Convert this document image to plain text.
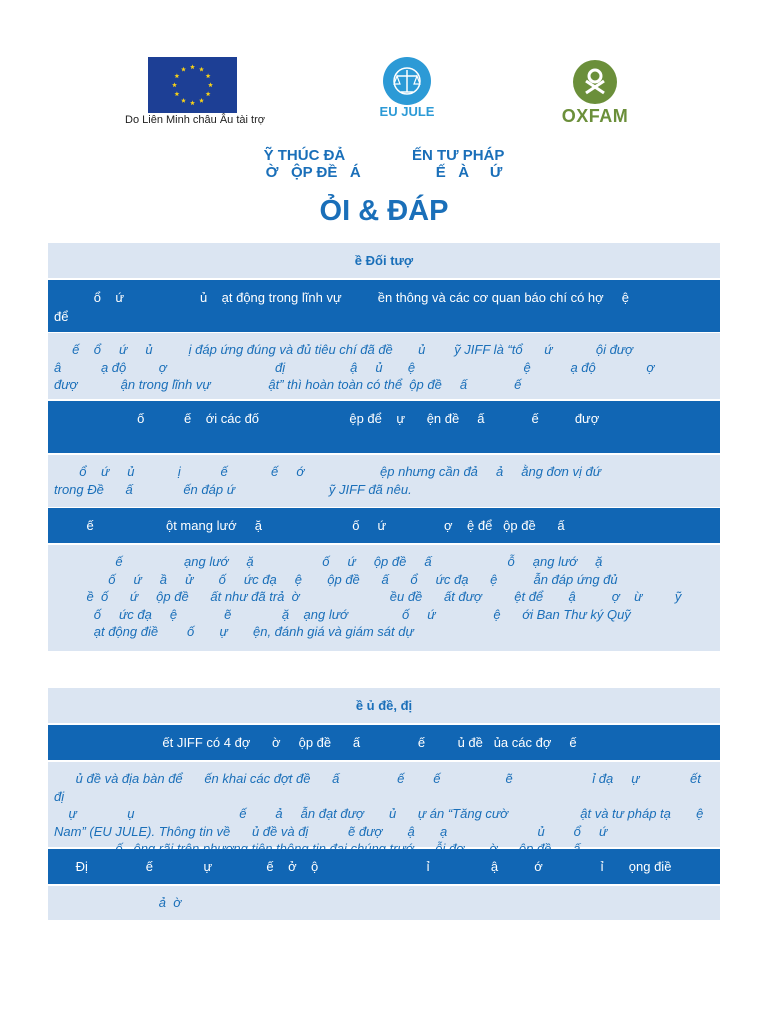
Do Liên Minh châu Âu tài trợ
EU JULE	OXFAM
Ỹ THÚC ĐẢ                ẾN TƯ PHÁP
Ờ   ỘP ĐỀ   Á                  Ế   À     Ứ
ỎI & ĐÁP
ề Đối tượ
ổ    ứ                     ủ    ạt động trong lĩnh vự          ền thông và các cơ quan báo chí có hợ     ệ
để
ế    ổ     ứ     ủ          ị đáp ứng đúng và đủ tiêu chí đã đề       ủ        ỹ JIFF là “tổ      ứ            ội đượ
â           ạ độ         ợ                              đị                  ậ     ủ       ệ                              ệ           ạ độ              ợ
đượ            ận trong lĩnh vự                ật” thì hoàn toàn có thể  ộp đề     ấ             ế
ố           ế    ới các đố                         ệp để    ự      ện đề     ấ             ế          đượ
ổ    ứ     ủ            ị           ế            ế     ớ                     ệp nhưng cần đả     ả     ằng đơn vị đứ
trong Đề      ấ              ến đáp ứ                          ỹ JIFF đã nêu.
ế                    ột mang lướ     ặ                         ố     ứ                ợ    ệ để   ộp đề      ấ
ế                 ạng lướ     ặ                   ố     ứ     ộp đề     ấ                     ỗ     ạng lướ     ặ
ố     ứ     ầ     ử       ố     ức đạ     ệ       ộp đề      ấ      ổ     ức đạ      ệ          ẫn đáp ứng đủ
ề  ố      ứ     ộp đề      ất như đã trả  ờ                         ều đề      ất đượ         ệt để       ậ          ợ    ừ         ỹ
ố     ức đạ     ệ             ẽ              ặ    ạng lướ               ố     ứ                ệ      ới Ban Thư ký Quỹ
ạt động điề        ố       ự       ện, đánh giá và giám sát dự
ề ủ đề, đị
ết JIFF có 4 đợ      ờ     ộp đề      ấ                ế         ủ đề   ủa các đợ     ế
ủ đề và địa bàn để      ến khai các đợt đề      ấ                ế        ế                  ẽ                      ỉ đạ     ự              ết đị
ự              ụ                             ế        ả     ẫn đạt đượ       ủ      ự án “Tăng cườ                    ật và tư pháp tạ       ệ
Nam” (EU JULE). Thông tin về      ủ đề và đị           ẽ đượ       ậ       ạ                         ủ        ổ     ứ

Đị                ế              ự               ế    ở    ộ                              ỉ                 ậ          ớ                ỉ       ọng điề
ả  ờ
